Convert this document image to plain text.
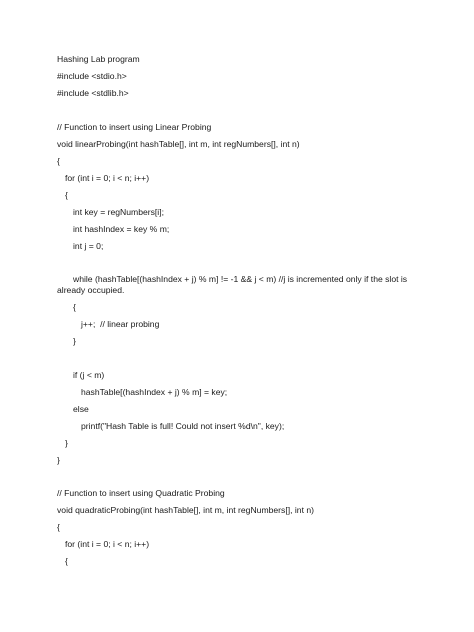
Hashing Lab program
#include <stdio.h>
#include <stdlib.h>
// Function to insert using Linear Probing
void linearProbing(int hashTable[], int m, int regNumbers[], int n)
{
for (int i = 0; i < n; i++)
{
int key = regNumbers[i];
int hashIndex = key % m;
int j = 0;
while (hashTable[(hashIndex + j) % m] != -1 && j < m) //j is incremented only if the slot is already occupied.
{
j++;  // linear probing
}
if (j < m)
hashTable[(hashIndex + j) % m] = key;
else
printf("Hash Table is full! Could not insert %d\n", key);
}
}
// Function to insert using Quadratic Probing
void quadraticProbing(int hashTable[], int m, int regNumbers[], int n)
{
for (int i = 0; i < n; i++)
{
